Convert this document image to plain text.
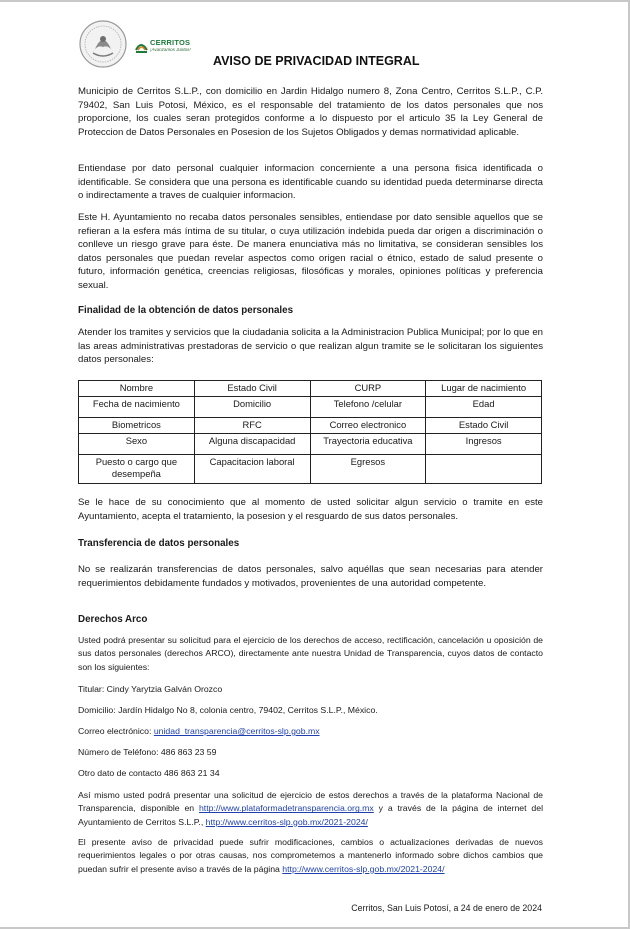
CERRITOS
¡Avanzamos Juntos!
AVISO DE PRIVACIDAD INTEGRAL

Municipio de Cerritos S.L.P., con domicilio en Jardin Hidalgo numero 8, Zona Centro, Cerritos S.L.P., C.P. 79402, San Luis Potosi, México, es el responsable del tratamiento de los datos personales que nos proporcione, los cuales seran protegidos conforme a lo dispuesto por el articulo 35 la Ley General de Proteccion de Datos Personales en Posesion de los Sujetos Obligados y demas normatividad aplicable.

Entiendase por dato personal cualquier informacion concerniente a una persona fisica identificada o identificable. Se considera que una persona es identificable cuando su identidad pueda determinarse directa o indirectamente a traves de cualquier informacion.

Este H. Ayuntamiento no recaba datos personales sensibles, entiendase por dato sensible aquellos que se refieran a la esfera más íntima de su titular, o cuya utilización indebida pueda dar origen a discriminación o conlleve un riesgo grave para éste. De manera enunciativa más no limitativa, se consideran sensibles los datos personales que puedan revelar aspectos como origen racial o étnico, estado de salud presente o futuro, información genética, creencias religiosas, filosóficas y morales, opiniones políticas y preferencia sexual.

Finalidad de la obtención de datos personales

Atender los tramites y servicios que la ciudadania solicita a la Administracion Publica Municipal; por lo que en las areas administrativas prestadoras de servicio o que realizan algun tramite se le solicitaran los siguientes datos personales:

Nombre	Estado Civil	CURP	Lugar de nacimiento
Fecha de nacimiento	Domicilio	Telefono /celular	Edad
Biometricos	RFC	Correo electronico	Estado Civil
Sexo	Alguna discapacidad	Trayectoria educativa	Ingresos
Puesto o cargo que desempeña	Capacitacion laboral	Egresos	

Se le hace de su conocimiento que al momento de usted solicitar algun servicio o tramite en este Ayuntamiento, acepta el tratamiento, la posesion y el resguardo de sus datos personales.

Transferencia de datos personales

No se realizarán transferencias de datos personales, salvo aquéllas que sean necesarias para atender requerimientos debidamente fundados y motivados, provenientes de una autoridad competente.

Derechos Arco

Usted podrá presentar su solicitud para el ejercicio de los derechos de acceso, rectificación, cancelación u oposición de sus datos personales (derechos ARCO), directamente ante nuestra Unidad de Transparencia, cuyos datos de contacto son los siguientes:

Titular: Cindy Yarytzia Galván Orozco

Domicilio: Jardín Hidalgo No 8, colonia centro, 79402, Cerritos S.L.P., México.

Correo electrónico: unidad_transparencia@cerritos-slp.gob.mx

Número de Teléfono: 486 863 23 59

Otro dato de contacto 486 863 21 34

Así mismo usted podrá presentar una solicitud de ejercicio de estos derechos a través de la plataforma Nacional de Transparencia, disponible en http://www.plataformadetransparencia.org.mx y a través de la página de internet del Ayuntamiento de Cerritos S.L.P., http://www.cerritos-slp.gob.mx/2021-2024/

El presente aviso de privacidad puede sufrir modificaciones, cambios o actualizaciones derivadas de nuevos requerimientos legales o por otras causas, nos comprometemos a mantenerlo informado sobre dichos cambios que puedan sufrir el presente aviso a través de la página http://www.cerritos-slp.gob.mx/2021-2024/

Cerritos, San Luis Potosí, a 24 de enero de 2024
